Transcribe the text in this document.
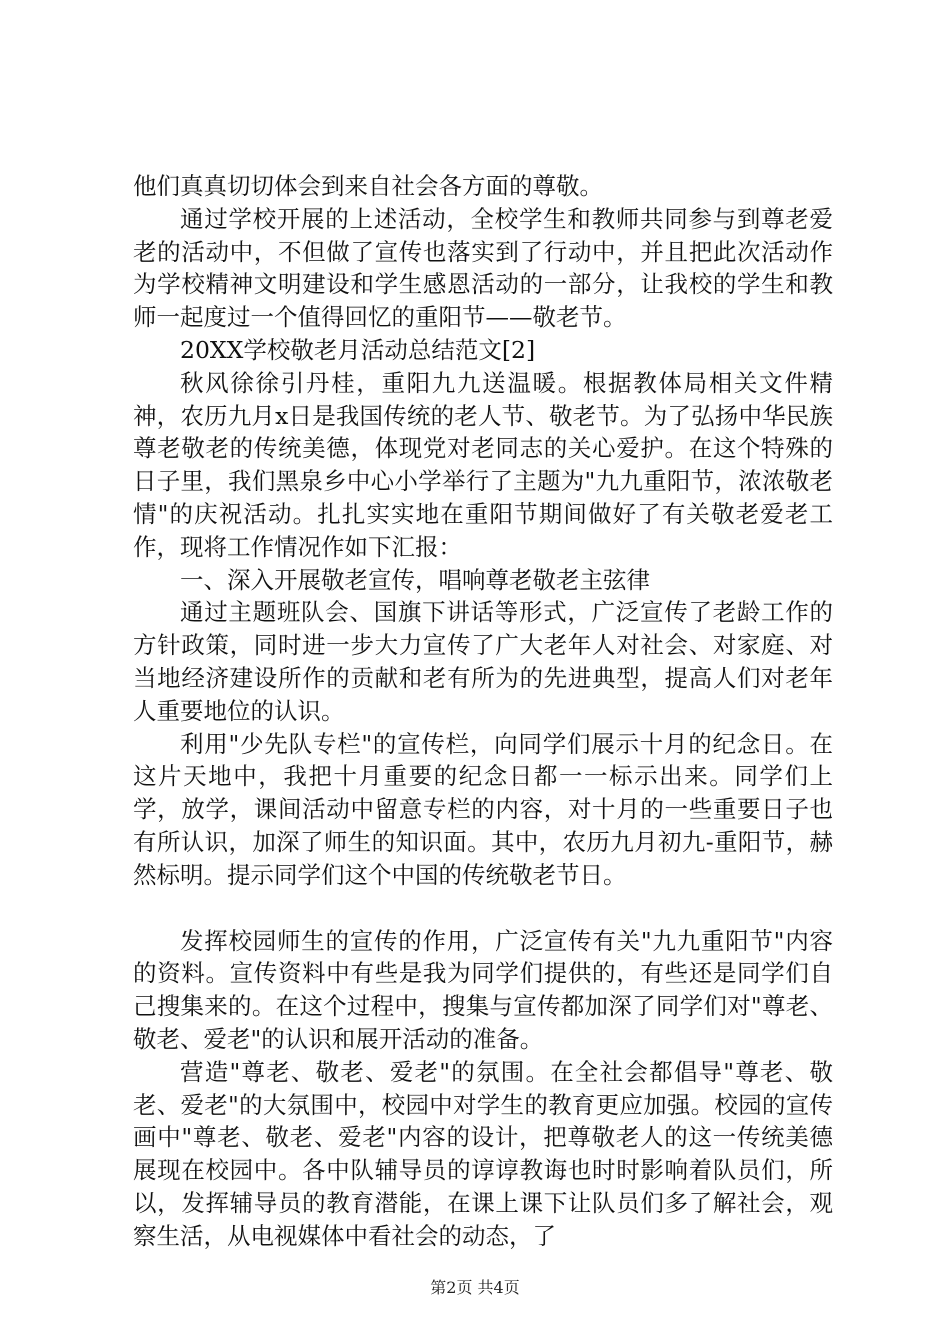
他们真真切切体会到来自社会各方面的尊敬。

通过学校开展的上述活动，全校学生和教师共同参与到尊老爱老的活动中，不但做了宣传也落实到了行动中，并且把此次活动作为学校精神文明建设和学生感恩活动的一部分，让我校的学生和教师一起度过一个值得回忆的重阳节——敬老节。

20XX学校敬老月活动总结范文[2]

秋风徐徐引丹桂，重阳九九送温暖。根据教体局相关文件精神，农历九月x日是我国传统的老人节、敬老节。为了弘扬中华民族尊老敬老的传统美德，体现党对老同志的关心爱护。在这个特殊的日子里，我们黑泉乡中心小学举行了主题为"九九重阳节，浓浓敬老情"的庆祝活动。扎扎实实地在重阳节期间做好了有关敬老爱老工作，现将工作情况作如下汇报：

一、深入开展敬老宣传，唱响尊老敬老主弦律

通过主题班队会、国旗下讲话等形式，广泛宣传了老龄工作的方针政策，同时进一步大力宣传了广大老年人对社会、对家庭、对当地经济建设所作的贡献和老有所为的先进典型，提高人们对老年人重要地位的认识。

利用"少先队专栏"的宣传栏，向同学们展示十月的纪念日。在这片天地中，我把十月重要的纪念日都一一标示出来。同学们上学，放学，课间活动中留意专栏的内容，对十月的一些重要日子也有所认识，加深了师生的知识面。其中，农历九月初九-重阳节，赫然标明。提示同学们这个中国的传统敬老节日。

发挥校园师生的宣传的作用，广泛宣传有关"九九重阳节"内容的资料。宣传资料中有些是我为同学们提供的，有些还是同学们自己搜集来的。在这个过程中，搜集与宣传都加深了同学们对"尊老、敬老、爱老"的认识和展开活动的准备。

营造"尊老、敬老、爱老"的氛围。在全社会都倡导"尊老、敬老、爱老"的大氛围中，校园中对学生的教育更应加强。校园的宣传画中"尊老、敬老、爱老"内容的设计，把尊敬老人的这一传统美德展现在校园中。各中队辅导员的谆谆教诲也时时影响着队员们，所以，发挥辅导员的教育潜能，在课上课下让队员们多了解社会，观察生活，从电视媒体中看社会的动态，了

第2页 共4页
